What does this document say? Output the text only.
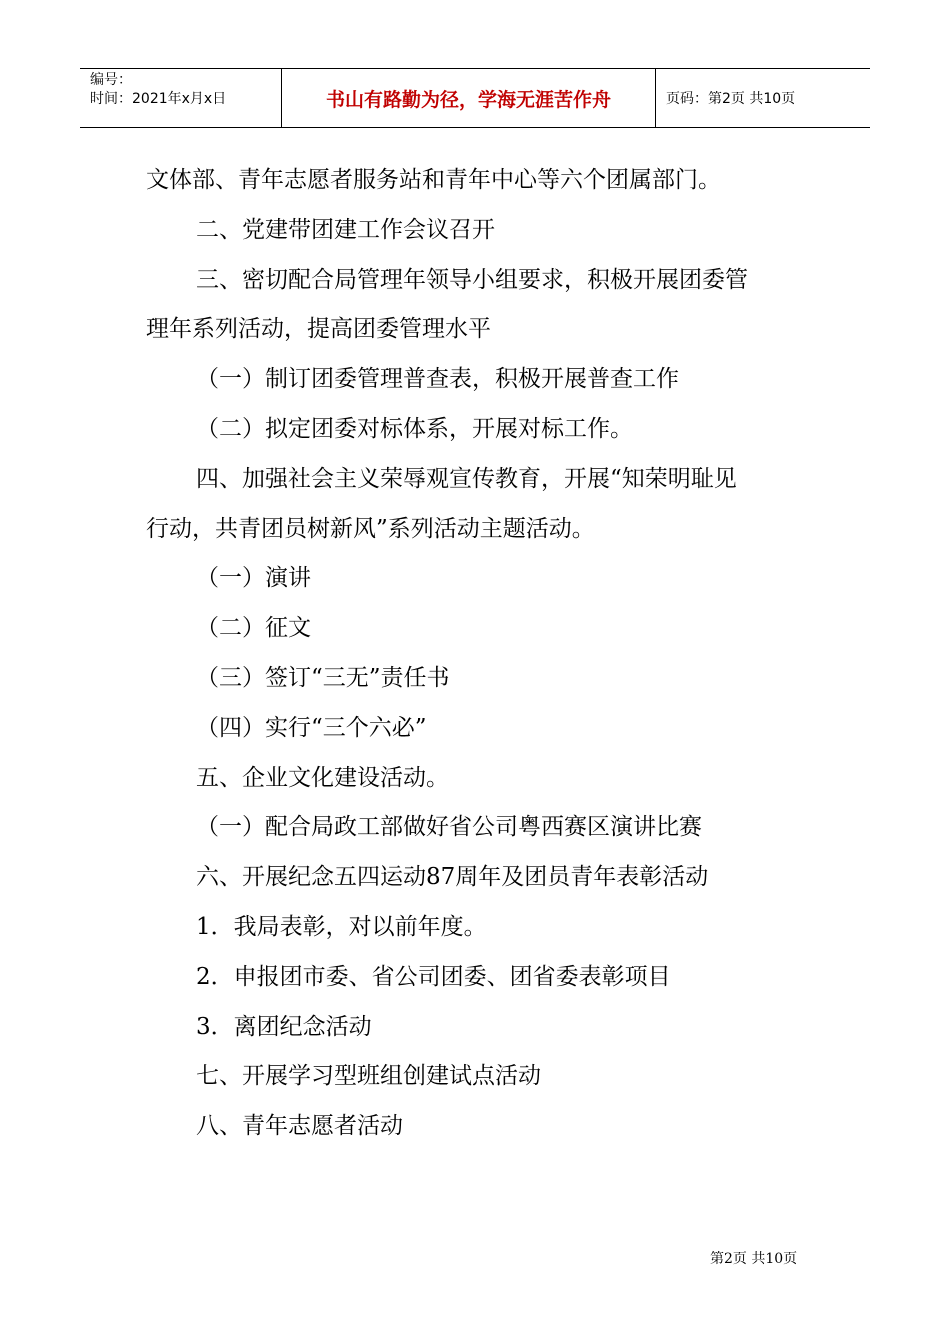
编号：
时间：2021年x月x日	书山有路勤为径，学海无涯苦作舟	页码：第2页 共10页

文体部、青年志愿者服务站和青年中心等六个团属部门。

二、党建带团建工作会议召开

三、密切配合局管理年领导小组要求，积极开展团委管

理年系列活动，提高团委管理水平

（一）制订团委管理普查表，积极开展普查工作

（二）拟定团委对标体系，开展对标工作。

四、加强社会主义荣辱观宣传教育，开展“知荣明耻见

行动，共青团员树新风”系列活动主题活动。

（一）演讲

（二）征文

（三）签订“三无”责任书

（四）实行“三个六必”

五、企业文化建设活动。

（一）配合局政工部做好省公司粤西赛区演讲比赛

六、开展纪念五四运动87周年及团员青年表彰活动

1．我局表彰，对以前年度。

2．申报团市委、省公司团委、团省委表彰项目

3．离团纪念活动

七、开展学习型班组创建试点活动

八、青年志愿者活动

第2页 共10页
